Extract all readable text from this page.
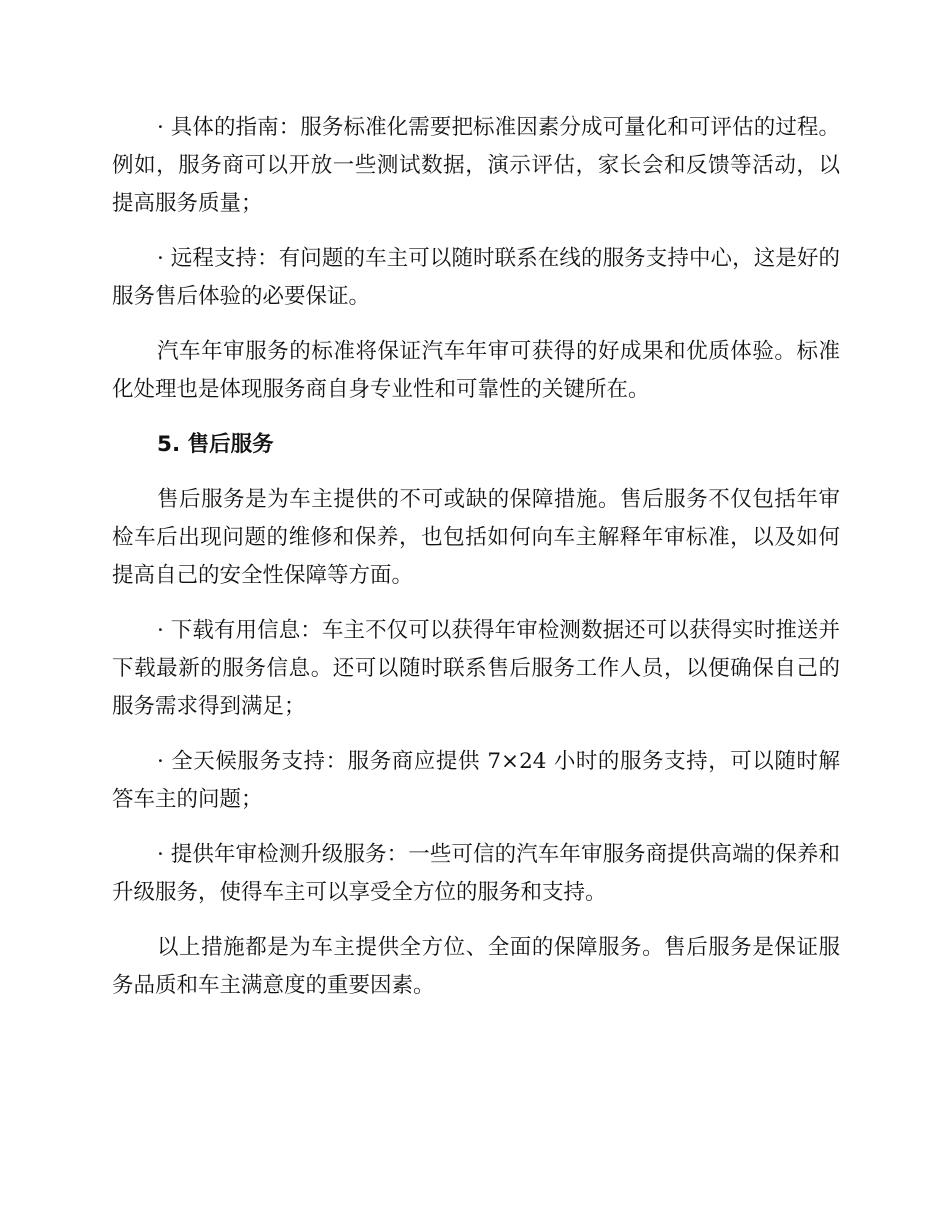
· 具体的指南：服务标准化需要把标准因素分成可量化和可评估的过程。例如，服务商可以开放一些测试数据，演示评估，家长会和反馈等活动，以提高服务质量；

· 远程支持：有问题的车主可以随时联系在线的服务支持中心，这是好的服务售后体验的必要保证。

汽车年审服务的标准将保证汽车年审可获得的好成果和优质体验。标准化处理也是体现服务商自身专业性和可靠性的关键所在。

5. 售后服务

售后服务是为车主提供的不可或缺的保障措施。售后服务不仅包括年审检车后出现问题的维修和保养，也包括如何向车主解释年审标准，以及如何提高自己的安全性保障等方面。

· 下载有用信息：车主不仅可以获得年审检测数据还可以获得实时推送并下载最新的服务信息。还可以随时联系售后服务工作人员，以便确保自己的服务需求得到满足；

· 全天候服务支持：服务商应提供 7×24 小时的服务支持，可以随时解答车主的问题；

· 提供年审检测升级服务：一些可信的汽车年审服务商提供高端的保养和升级服务，使得车主可以享受全方位的服务和支持。

以上措施都是为车主提供全方位、全面的保障服务。售后服务是保证服务品质和车主满意度的重要因素。
